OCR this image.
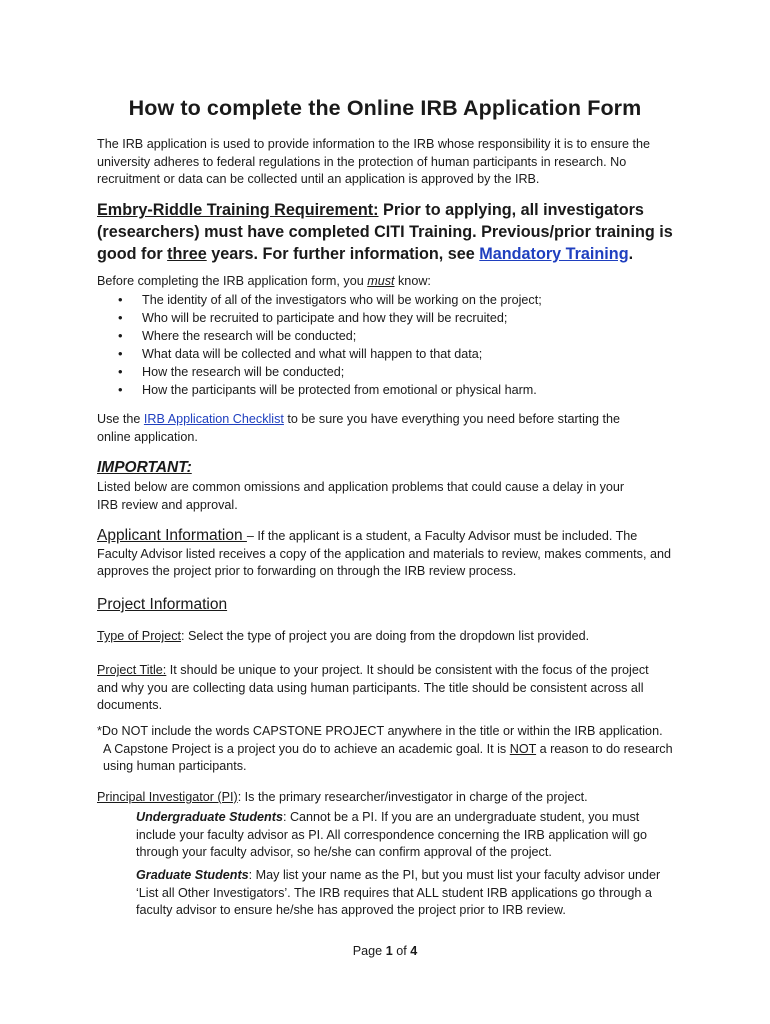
How to complete the Online IRB Application Form
The IRB application is used to provide information to the IRB whose responsibility it is to ensure the
university adheres to federal regulations in the protection of human participants in research. No
recruitment or data can be collected until an application is approved by the IRB.
Embry-Riddle Training Requirement: Prior to applying, all investigators
(researchers) must have completed CITI Training. Previous/prior training is
good for three years. For further information, see Mandatory Training.
Before completing the IRB application form, you must know:
• The identity of all of the investigators who will be working on the project;
• Who will be recruited to participate and how they will be recruited;
• Where the research will be conducted;
• What data will be collected and what will happen to that data;
• How the research will be conducted;
• How the participants will be protected from emotional or physical harm.
Use the IRB Application Checklist to be sure you have everything you need before starting the
online application.
IMPORTANT:
Listed below are common omissions and application problems that could cause a delay in your
IRB review and approval.
Applicant Information – If the applicant is a student, a Faculty Advisor must be included. The
Faculty Advisor listed receives a copy of the application and materials to review, makes comments, and
approves the project prior to forwarding on through the IRB review process.
Project Information
Type of Project: Select the type of project you are doing from the dropdown list provided.
Project Title: It should be unique to your project. It should be consistent with the focus of the project
and why you are collecting data using human participants. The title should be consistent across all
documents.
*Do NOT include the words CAPSTONE PROJECT anywhere in the title or within the IRB application.
A Capstone Project is a project you do to achieve an academic goal. It is NOT a reason to do research
using human participants.
Principal Investigator (PI): Is the primary researcher/investigator in charge of the project.
Undergraduate Students: Cannot be a PI. If you are an undergraduate student, you must
include your faculty advisor as PI. All correspondence concerning the IRB application will go
through your faculty advisor, so he/she can confirm approval of the project.
Graduate Students: May list your name as the PI, but you must list your faculty advisor under
‘List all Other Investigators’. The IRB requires that ALL student IRB applications go through a
faculty advisor to ensure he/she has approved the project prior to IRB review.
Page 1 of 4
